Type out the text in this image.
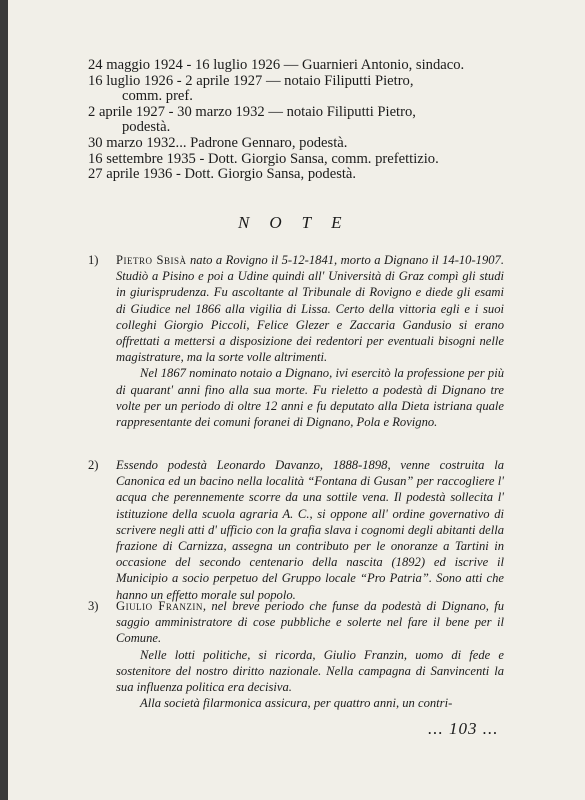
24 maggio 1924 - 16 luglio 1926 — Guarnieri Antonio, sindaco.
16 luglio 1926 - 2 aprile 1927 — notaio Filiputti Pietro,
comm. pref.
2 aprile 1927 - 30 marzo 1932 — notaio Filiputti Pietro,
podestà.
30 marzo 1932... Padrone Gennaro, podestà.
16 settembre 1935 - Dott. Giorgio Sansa, comm. prefettizio.
27 aprile 1936 - Dott. Giorgio Sansa, podestà.
NOTE
1) Pietro Sbisà nato a Rovigno il 5-12-1841, morto a Dignano il 14-10-1907. Studiò a Pisino e poi a Udine quindi all' Università di Graz compì gli studi in giurisprudenza. Fu ascoltante al Tribunale di Rovigno e diede gli esami di Giudice nel 1866 alla vigilia di Lissa. Certo della vittoria egli e i suoi colleghi Giorgio Piccoli, Felice Glezer e Zaccaria Gandusio si erano offrettati a mettersi a disposizione dei redentori per eventuali bisogni nelle magistrature, ma la sorte volle altrimenti.

Nel 1867 nominato notaio a Dignano, ivi esercitò la professione per più di quarant' anni fino alla sua morte. Fu rieletto a podestà di Dignano tre volte per un periodo di oltre 12 anni e fu deputato alla Dieta istriana quale rappresentante dei comuni foranei di Dignano, Pola e Rovigno.

2) Essendo podestà Leonardo Davanzo, 1888-1898, venne costruita la Canonica ed un bacino nella località “Fontana di Gusan” per raccogliere l' acqua che perennemente scorre da una sottile vena. Il podestà sollecita l' istituzione della scuola agraria A. C., si oppone all' ordine governativo di scrivere negli atti d' ufficio con la grafia slava i cognomi degli abitanti della frazione di Carnizza, assegna un contributo per le onoranze a Tartini in occasione del secondo centenario della nascita (1892) ed iscrive il Municipio a socio perpetuo del Gruppo locale “Pro Patria”. Sono atti che hanno un effetto morale sul popolo.

3) Giulio Franzin, nel breve periodo che funse da podestà di Dignano, fu saggio amministratore di cose pubbliche e solerte nel fare il bene per il Comune.

Nelle lotti politiche, si ricorda, Giulio Franzin, uomo di fede e sostenitore del nostro diritto nazionale. Nella campagna di Sanvincenti la sua influenza politica era decisiva.

Alla società filarmonica assicura, per quattro anni, un contri-

... 103 ...
